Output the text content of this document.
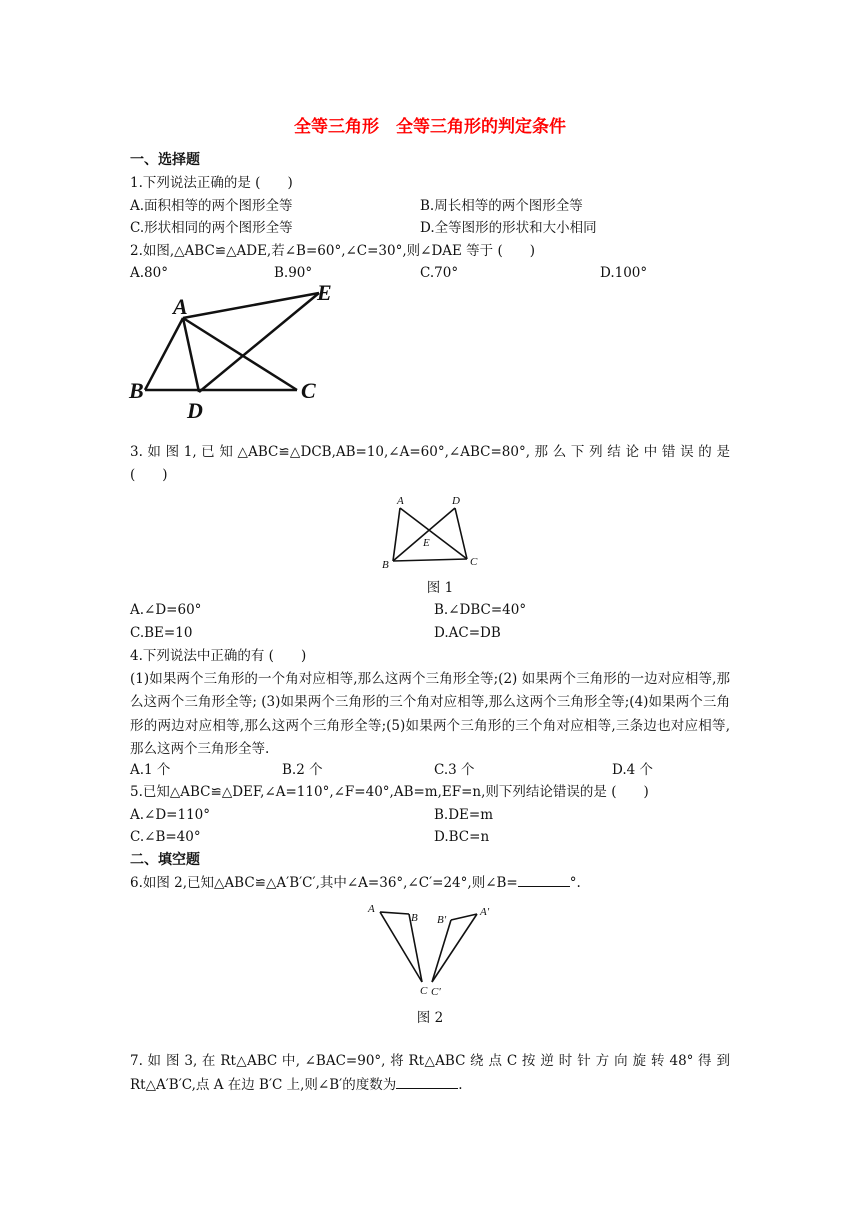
全等三角形　全等三角形的判定条件
一、选择题
1.下列说法正确的是 (　　)
A.面积相等的两个图形全等	B.周长相等的两个图形全等
C.形状相同的两个图形全等	D.全等图形的形状和大小相同
2.如图,△ABC≌△ADE,若∠B=60°,∠C=30°,则∠DAE 等于 (　　)
A.80°	B.90°	C.70°	D.100°
A
B	C
D
E
3. 如 图 1, 已 知 △ABC≌△DCB,AB=10,∠A=60°,∠ABC=80°, 那 么 下 列 结 论 中 错 误 的 是 (　　)
A	D
E
B	C
图 1
A.∠D=60°	B.∠DBC=40°
C.BE=10	D.AC=DB
4.下列说法中正确的有 (　　)
(1)如果两个三角形的一个角对应相等,那么这两个三角形全等;(2) 如果两个三角形的一边对应相等,那么这两个三角形全等; (3)如果两个三角形的三个角对应相等,那么这两个三角形全等;(4)如果两个三角形的两边对应相等,那么这两个三角形全等;(5)如果两个三角形的三个角对应相等,三条边也对应相等,那么这两个三角形全等.
A.1 个	B.2 个	C.3 个	D.4 个
5.已知△ABC≌△DEF,∠A=110°,∠F=40°,AB=m,EF=n,则下列结论错误的是 (　　)
A.∠D=110°	B.DE=m
C.∠B=40°	D.BC=n
二、填空题
6.如图 2,已知△ABC≌△A′B′C′,其中∠A=36°,∠C′=24°,则∠B=	°.
A
B
C
B′
A′
C′
图 2
7. 如 图 3, 在 Rt△ABC 中, ∠BAC=90°, 将 Rt△ABC 绕 点 C 按 逆 时 针 方 向 旋 转 48° 得 到
Rt△A′B′C,点 A 在边 B′C 上,则∠B′的度数为	.
